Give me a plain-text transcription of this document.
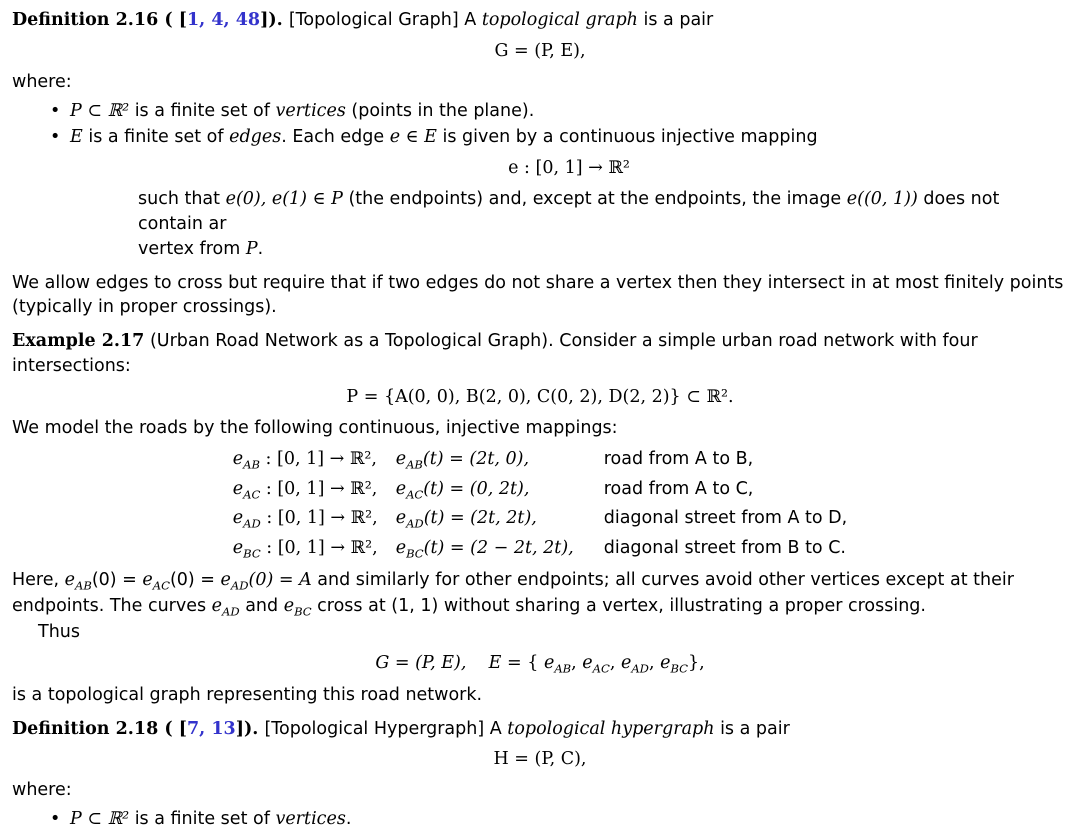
Definition 2.16 ( [1, 4, 48]). [Topological Graph] A topological graph is a pair
G = (P, E),
where:
• P ⊂ ℝ² is a finite set of vertices (points in the plane).
• E is a finite set of edges. Each edge e ∈ E is given by a continuous injective mapping
e : [0, 1] → ℝ²
such that e(0), e(1) ∈ P (the endpoints) and, except at the endpoints, the image e((0, 1)) does not contain ar
vertex from P.
We allow edges to cross but require that if two edges do not share a vertex then they intersect in at most finitely points (typically in proper crossings).
Example 2.17 (Urban Road Network as a Topological Graph). Consider a simple urban road network with four intersections:
P = {A(0, 0), B(2, 0), C(0, 2), D(2, 2)} ⊂ ℝ².
We model the roads by the following continuous, injective mappings:
$e_{AB}$ : [0, 1] → ℝ²,	$e_{AB}(t) = (2t$, 0),	road from A to B,
$e_{AC}$ : [0, 1] → ℝ²,	$e_{AC}(t) = (0$, 2t),	road from A to C,
$e_{AD}$ : [0, 1] → ℝ²,	$e_{AD}(t) = (2t$, 2t),	diagonal street from A to D,
$e_{BC}$ : [0, 1] → ℝ²,	$e_{BC}(t) = (2 - 2t$, 2t),	diagonal street from B to C.
Here, $e_{AB}(0) = e_{AC}(0) = e_{AD}(0) = A$ and similarly for other endpoints; all curves avoid other vertices except at their
endpoints. The curves $e_{AD}$ and $e_{BC}$ cross at (1, 1) without sharing a vertex, illustrating a proper crossing.
Thus
G = (P, E),    E = { $e_{AB}$, $e_{AC}$, $e_{AD}$, $e_{BC}$},
is a topological graph representing this road network.
Definition 2.18 ( [7, 13]). [Topological Hypergraph] A topological hypergraph is a pair
H = (P, C),
where:
• P ⊂ ℝ² is a finite set of vertices.
